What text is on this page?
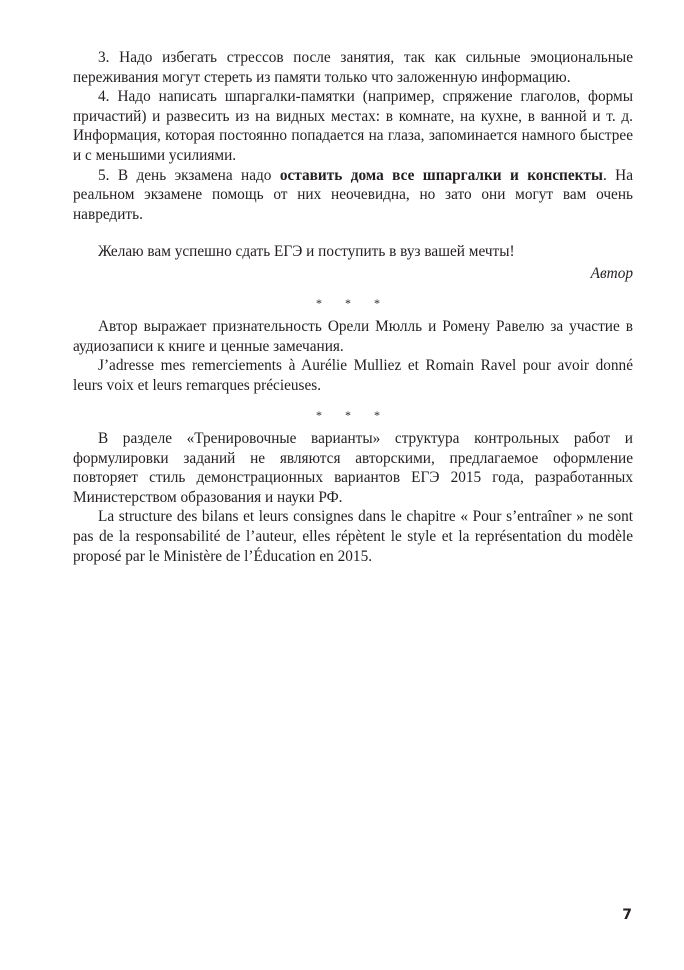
3. Надо избегать стрессов после занятия, так как сильные эмоциональные переживания могут стереть из памяти только что заложенную информацию.

4. Надо написать шпаргалки-памятки (например, спряжение глаголов, формы причастий) и развесить из на видных местах: в комнате, на кухне, в ванной и т. д. Информация, которая постоянно попадается на глаза, запоминается намного быстрее и с меньшими усилиями.

5. В день экзамена надо оставить дома все шпаргалки и конспекты. На реальном экзамене помощь от них неочевидна, но зато они могут вам очень навредить.

Желаю вам успешно сдать ЕГЭ и поступить в вуз вашей мечты!

Автор
* * *

Автор выражает признательность Орели Мюлль и Ромену Равелю за участие в аудиозаписи к книге и ценные замечания.

J’adresse mes remerciements à Aurélie Mulliez et Romain Ravel pour avoir donné leurs voix et leurs remarques précieuses.

* * *

В разделе «Тренировочные варианты» структура контрольных работ и формулировки заданий не являются авторскими, предлагаемое оформление повторяет стиль демонстрационных вариантов ЕГЭ 2015 года, разработанных Министерством образования и науки РФ.

La structure des bilans et leurs consignes dans le chapitre « Pour s’entraîner » ne sont pas de la responsabilité de l’auteur, elles répètent le style et la représentation du modèle proposé par le Ministère de l’Éducation en 2015.

7
